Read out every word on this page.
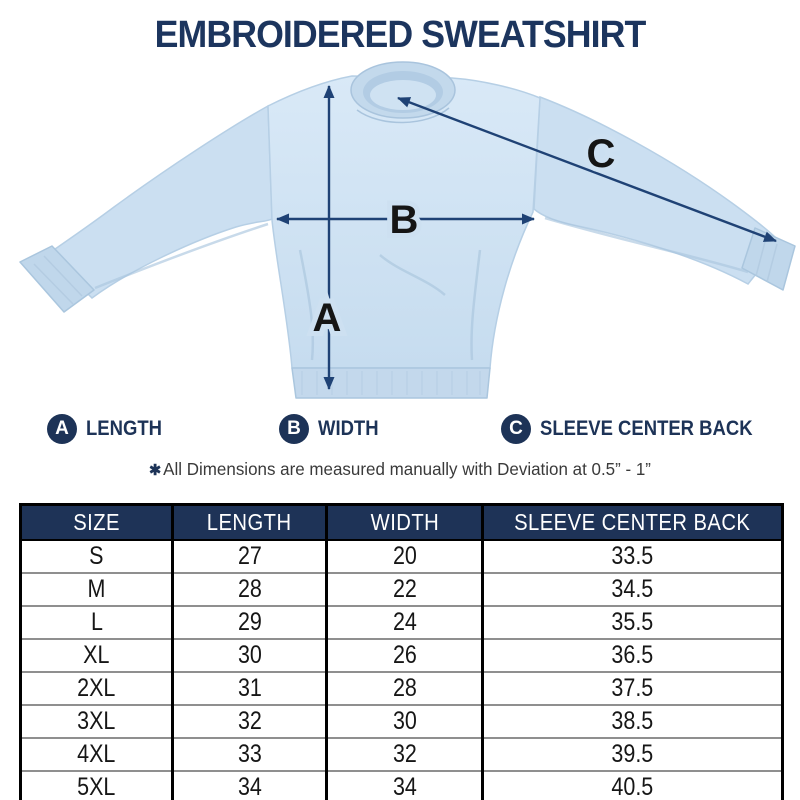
EMBROIDERED SWEATSHIRT
A
B
C
A LENGTH	B WIDTH	C SLEEVE CENTER BACK
✱ All Dimensions are measured manually with Deviation at 0.5” - 1”
SIZE	LENGTH	WIDTH	SLEEVE CENTER BACK
S	27	20	33.5
M	28	22	34.5
L	29	24	35.5
XL	30	26	36.5
2XL	31	28	37.5
3XL	32	30	38.5
4XL	33	32	39.5
5XL	34	34	40.5
